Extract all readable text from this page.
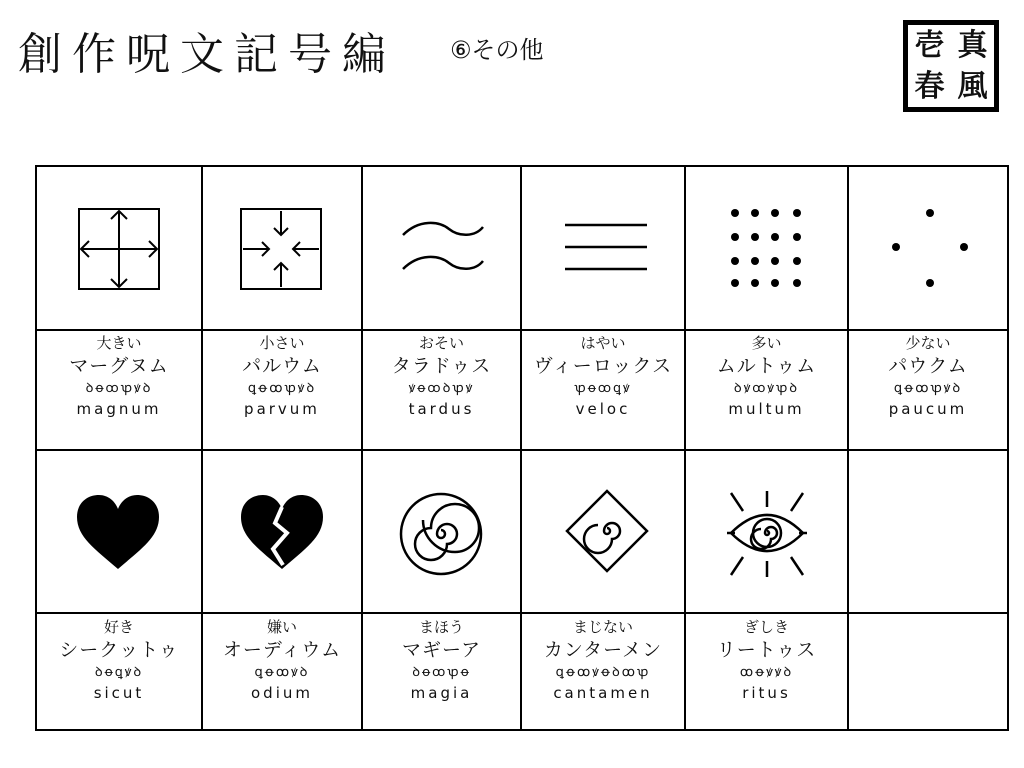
創作呪文記号編 ⑥その他	壱 真
春 風
大きい
マーグヌム
ꝺꝋꝏꝕꝟꝺ
magnum
小さい
パルウム
ꝗꝋꝏꝕꝟꝺ
parvum
おそい
タラドゥス
ꝟꝋꝏꝺꝕꝟ
tardus
はやい
ヴィーロックス
ꝕꝋꝏꝗꝟ
veloc
多い
ムルトゥム
ꝺꝟꝏꝟꝕꝺ
multum
少ない
パウクム
ꝗꝋꝏꝕꝟꝺ
paucum
好き
シークットゥ
ꝺꝋꝗꝟꝺ
sicut
嫌い
オーディウム
ꝗꝋꝏꝟꝺ
odium
まほう
マギーア
ꝺꝋꝏꝕꝋ
magia
まじない
カンターメン
ꝗꝋꝏꝟꝋꝺꝏꝕ
cantamen
ぎしき
リートゥス
ꝏꝋꝟꝟꝺ
ritus
